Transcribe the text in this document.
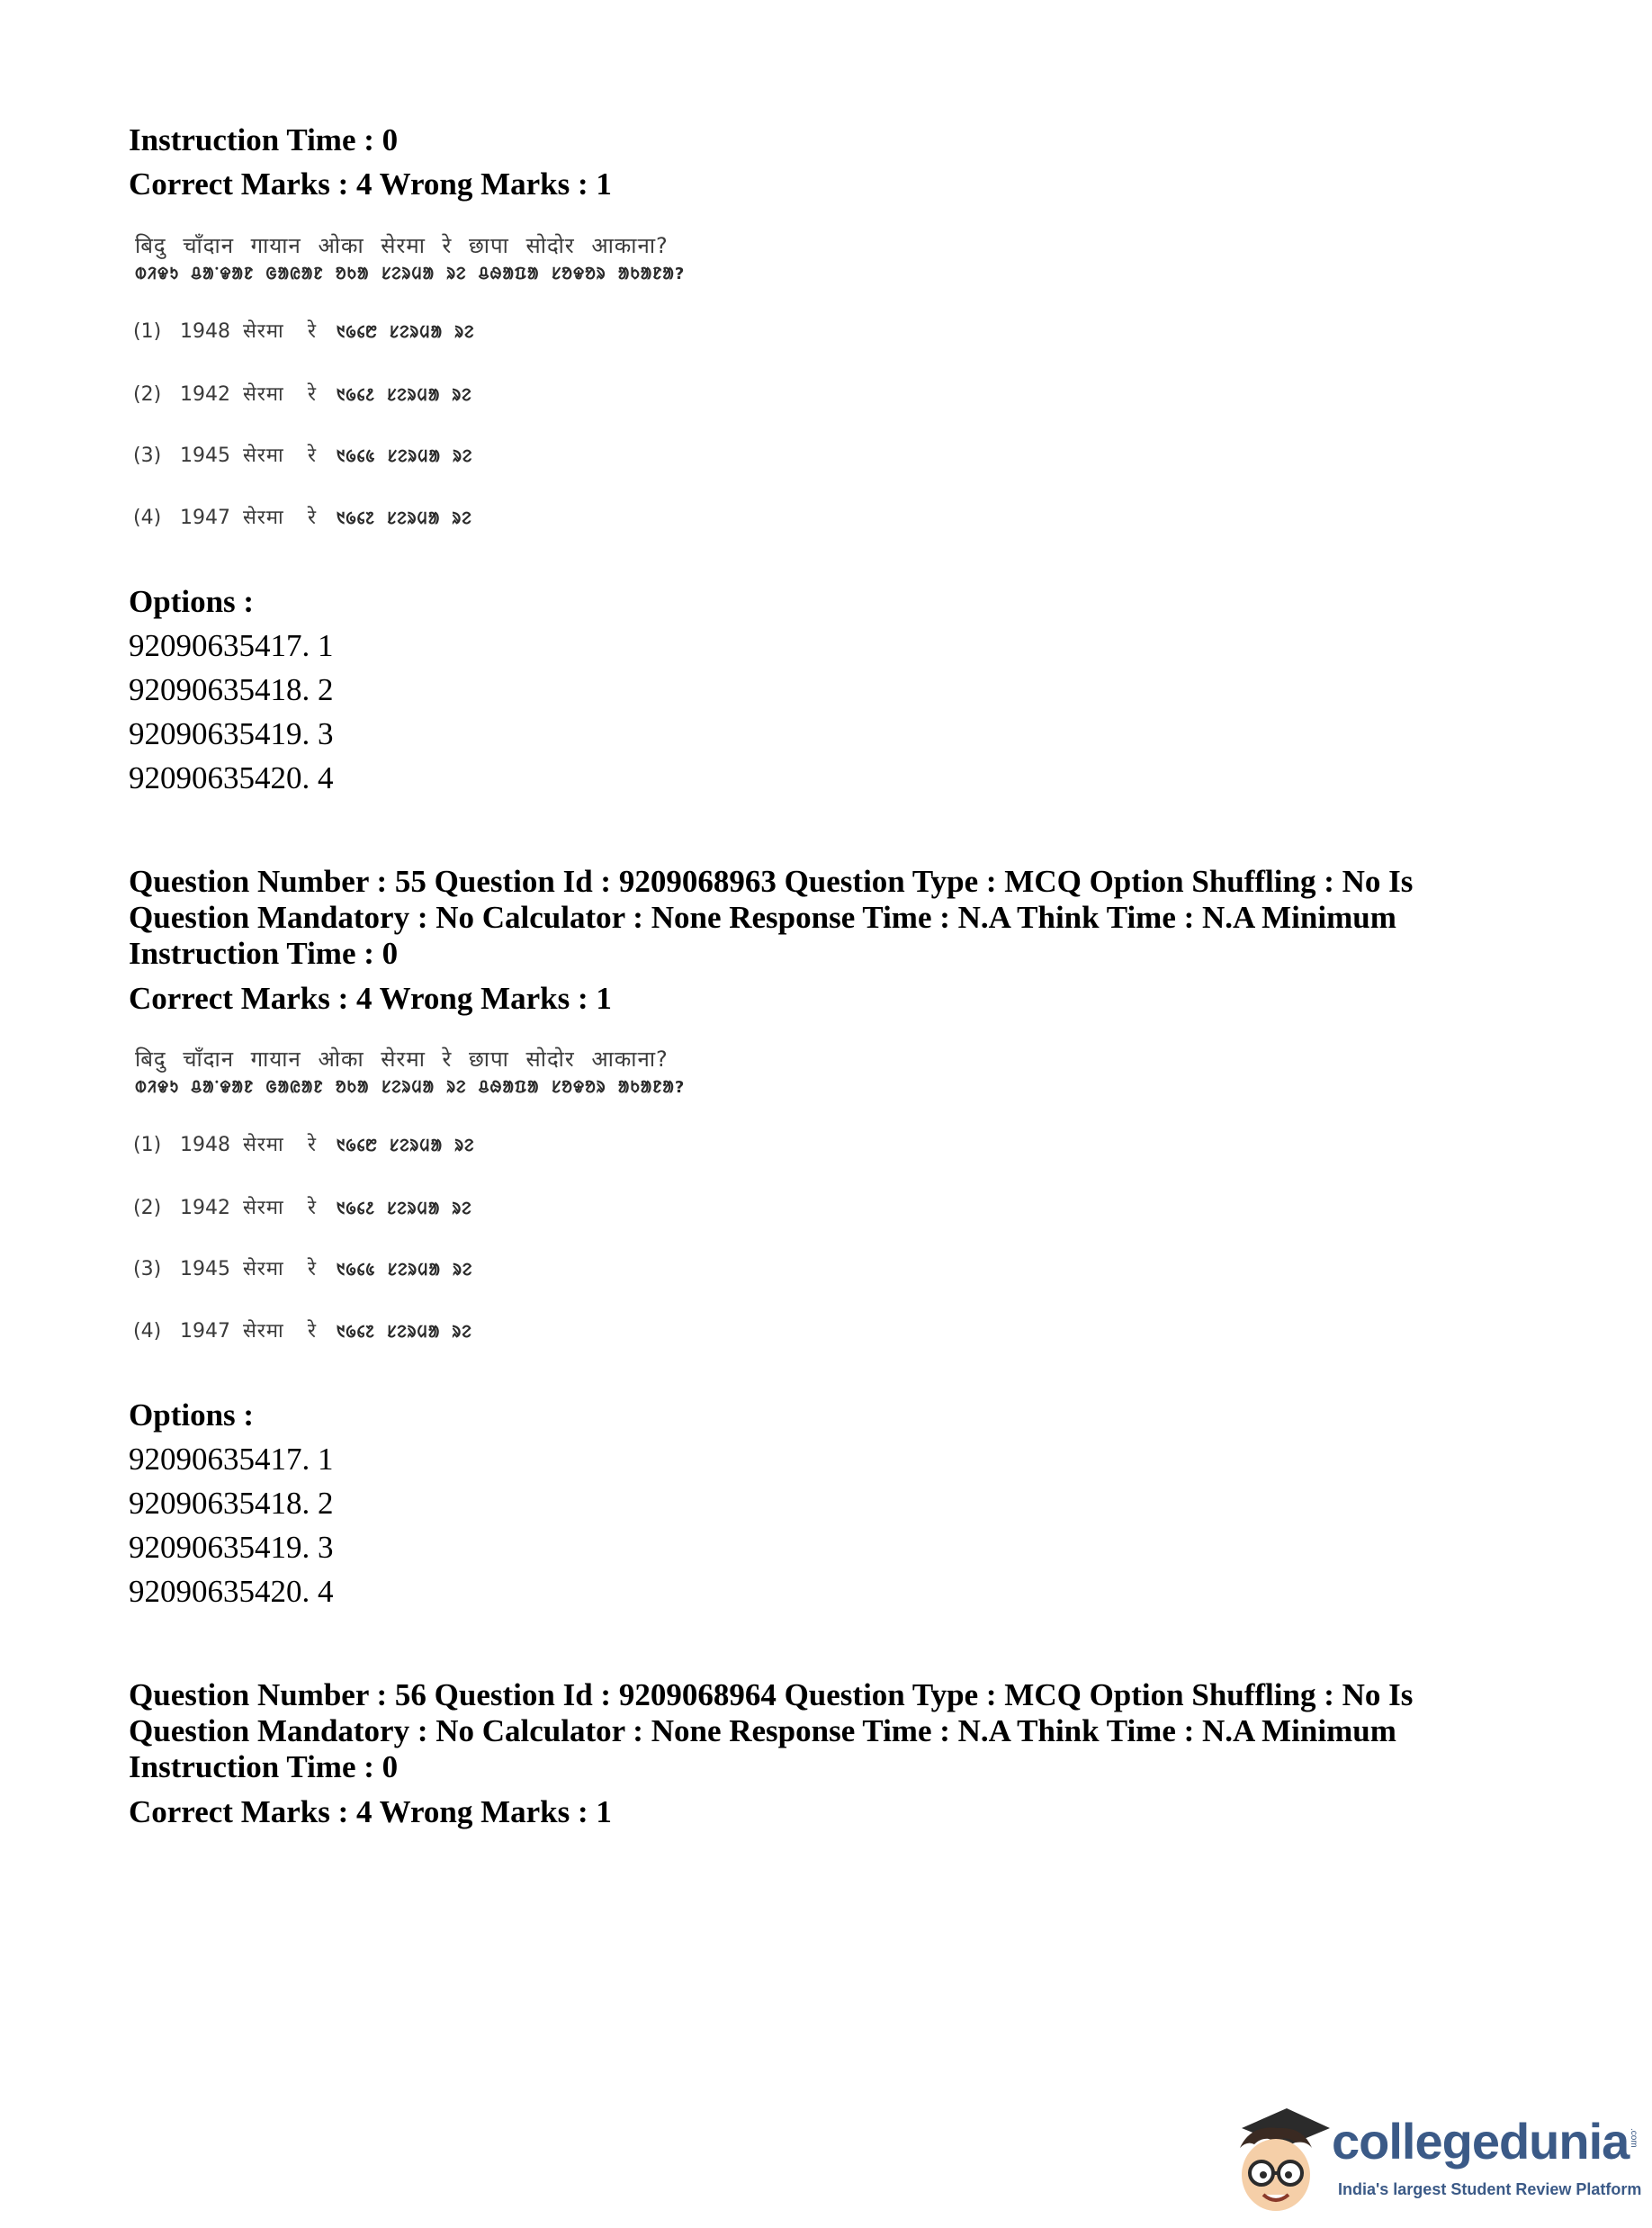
Instruction Time : 0
Correct Marks : 4 Wrong Marks : 1
बिदु चाँदान गायान ओका सेरमा रे छापा सोदोर आकाना?
ᱵᱤᱫᱩ ᱪᱟᱸᱫᱟᱱ ᱜᱟᱭᱟᱱ ᱚᱠᱟ ᱥᱮᱨᱢᱟ ᱨᱮ ᱪᱷᱟᱯᱟ ᱥᱚᱫᱚᱨ ᱟᱠᱟᱱᱟ?
(1) 1948 सेरमा रे ᱑᱙᱔᱘ ᱥᱮᱨᱢᱟ ᱨᱮ
(2) 1942 सेरमा रे ᱑᱙᱔᱒ ᱥᱮᱨᱢᱟ ᱨᱮ
(3) 1945 सेरमा रे ᱑᱙᱔᱕ ᱥᱮᱨᱢᱟ ᱨᱮ
(4) 1947 सेरमा रे ᱑᱙᱔᱗ ᱥᱮᱨᱢᱟ ᱨᱮ
Options :
92090635417. 1
92090635418. 2
92090635419. 3
92090635420. 4
Question Number : 55 Question Id : 9209068963 Question Type : MCQ Option Shuffling : No Is Question Mandatory : No Calculator : None Response Time : N.A Think Time : N.A Minimum Instruction Time : 0
Correct Marks : 4 Wrong Marks : 1
बिदु चाँदान गायान ओका सेरमा रे छापा सोदोर आकाना?
ᱵᱤᱫᱩ ᱪᱟᱸᱫᱟᱱ ᱜᱟᱭᱟᱱ ᱚᱠᱟ ᱥᱮᱨᱢᱟ ᱨᱮ ᱪᱷᱟᱯᱟ ᱥᱚᱫᱚᱨ ᱟᱠᱟᱱᱟ?
(1) 1948 सेरमा रे ᱑᱙᱔᱘ ᱥᱮᱨᱢᱟ ᱨᱮ
(2) 1942 सेरमा रे ᱑᱙᱔᱒ ᱥᱮᱨᱢᱟ ᱨᱮ
(3) 1945 सेरमा रे ᱑᱙᱔᱕ ᱥᱮᱨᱢᱟ ᱨᱮ
(4) 1947 सेरमा रे ᱑᱙᱔᱗ ᱥᱮᱨᱢᱟ ᱨᱮ
Options :
92090635417. 1
92090635418. 2
92090635419. 3
92090635420. 4
Question Number : 56 Question Id : 9209068964 Question Type : MCQ Option Shuffling : No Is Question Mandatory : No Calculator : None Response Time : N.A Think Time : N.A Minimum Instruction Time : 0
Correct Marks : 4 Wrong Marks : 1
collegedunia .com
India's largest Student Review Platform
